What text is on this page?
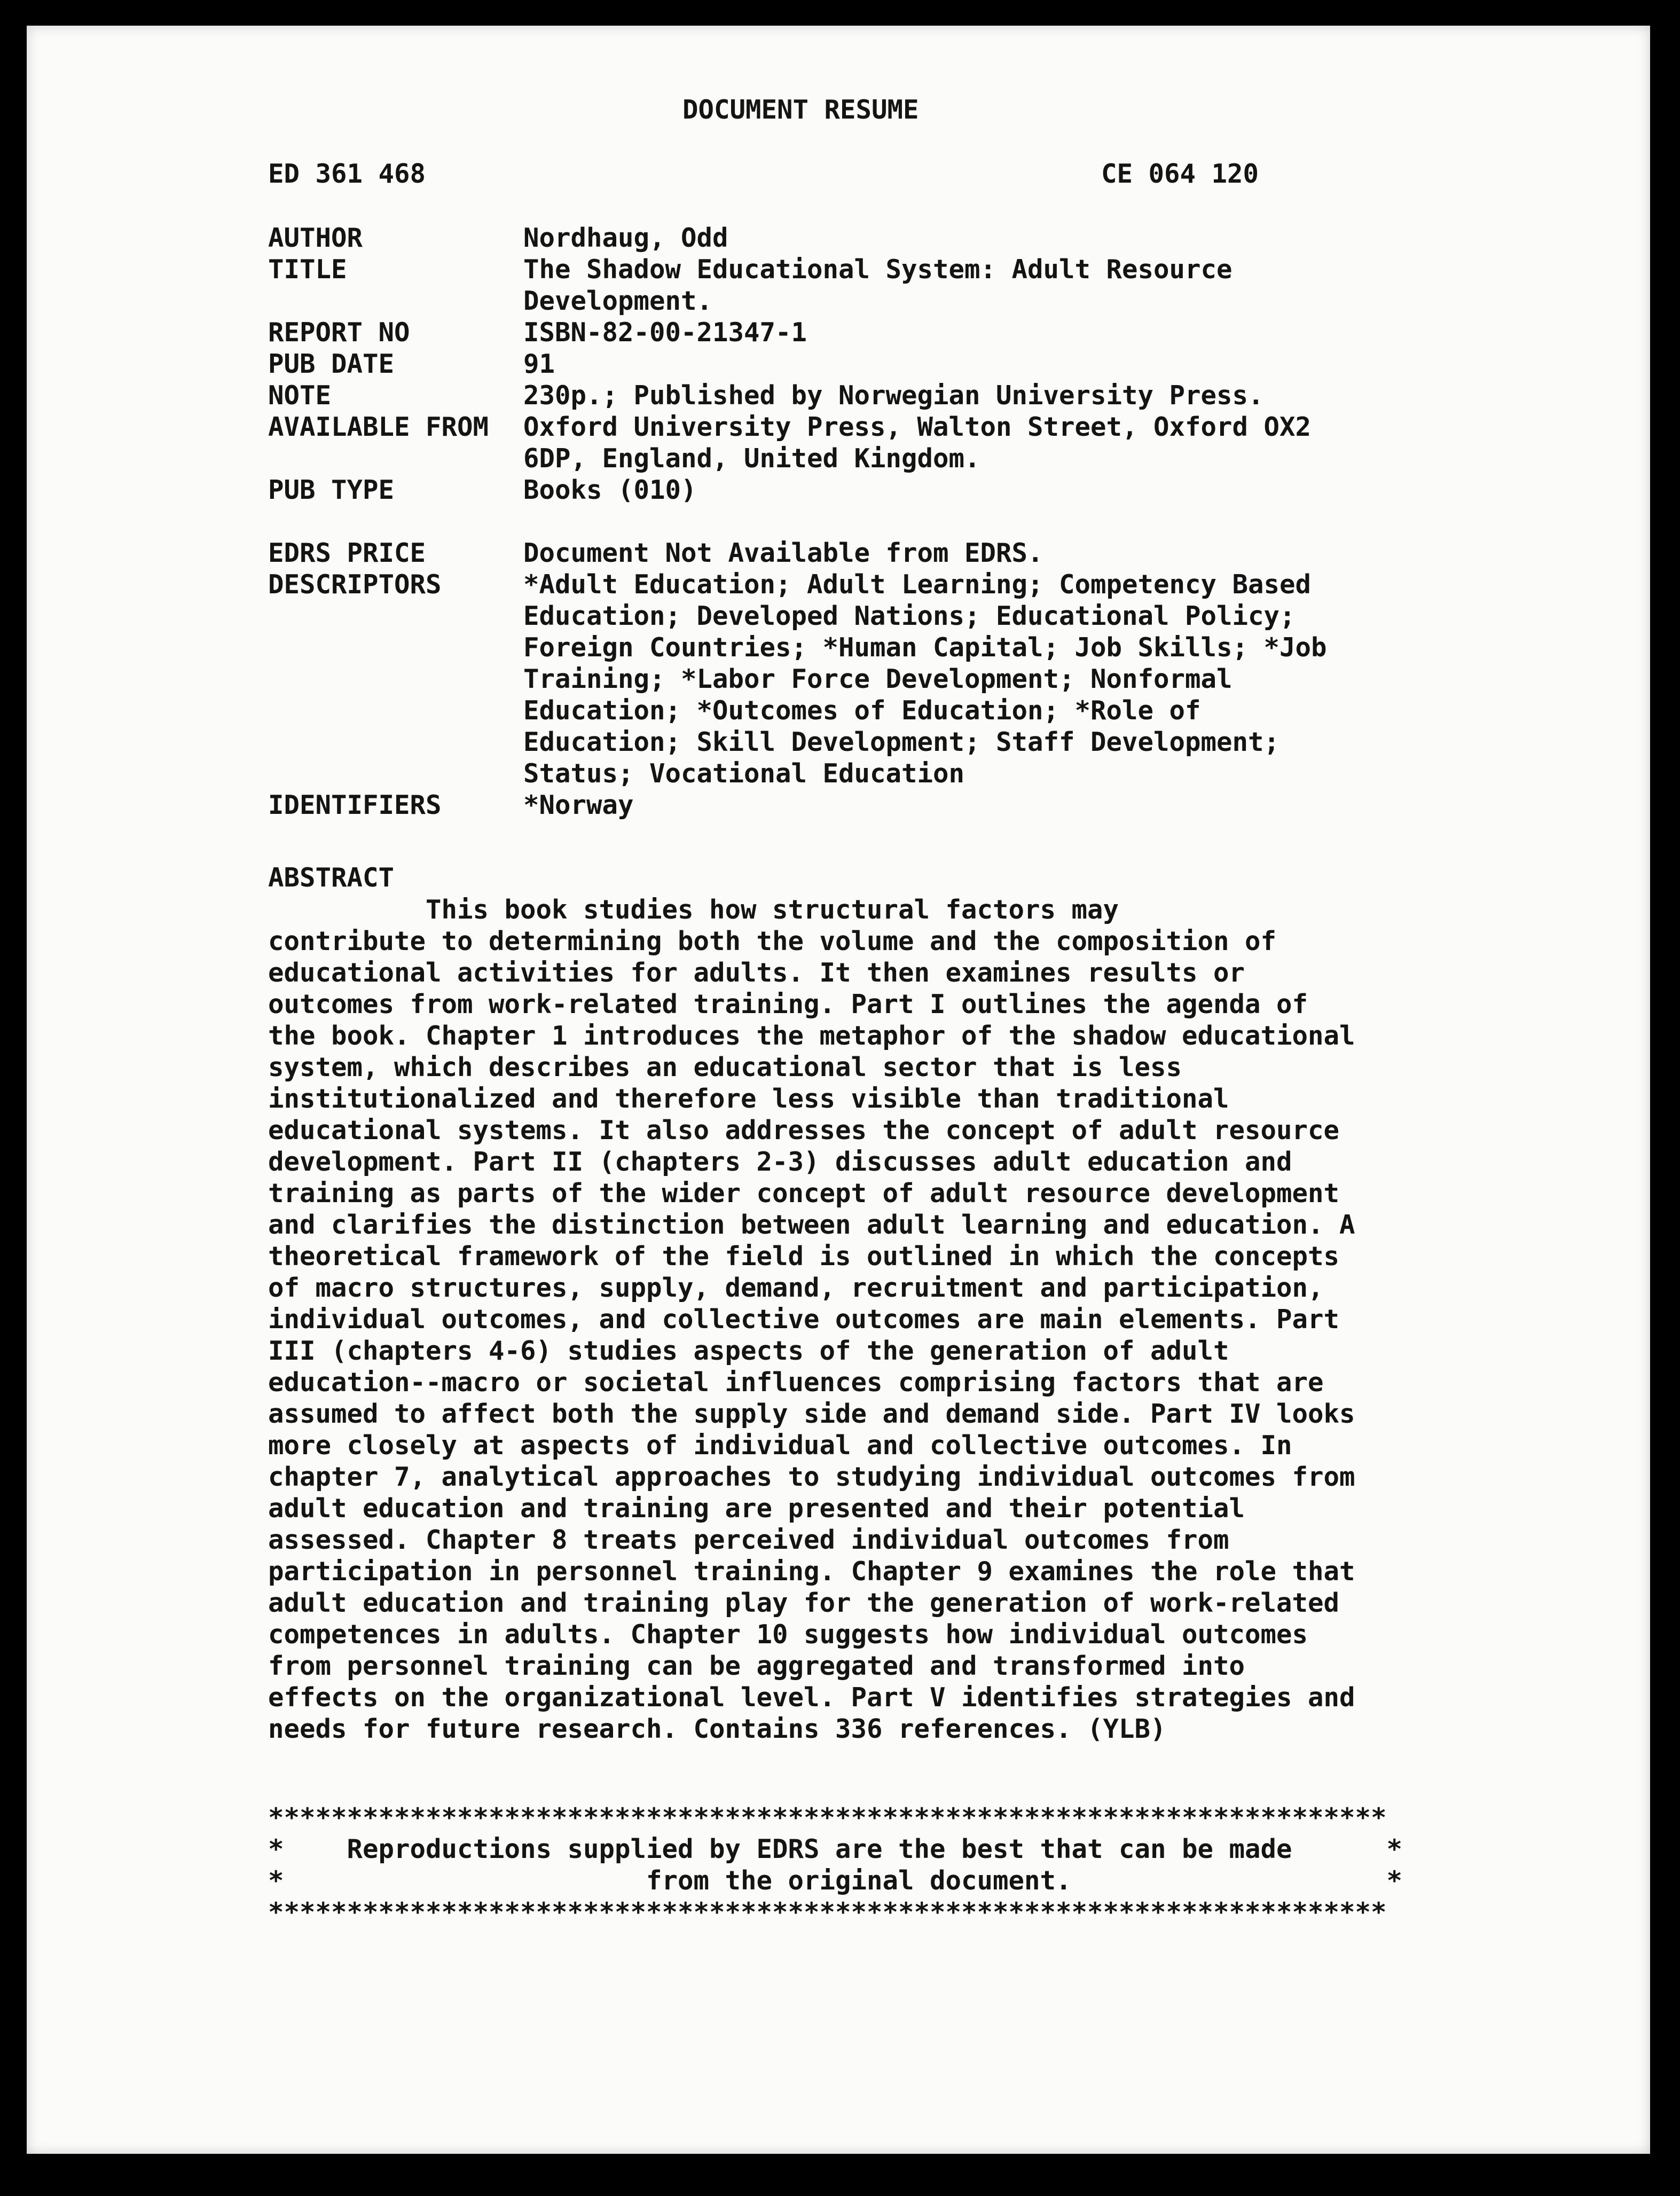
DOCUMENT RESUME
ED 361 468	CE 064 120
AUTHOR	Nordhaug, Odd
TITLE	The Shadow Educational System: Adult Resource
Development.
REPORT NO	ISBN-82-00-21347-1
PUB DATE	91
NOTE	230p.; Published by Norwegian University Press.
AVAILABLE FROM Oxford University Press, Walton Street, Oxford OX2
6DP, England, United Kingdom.
PUB TYPE	Books (010)
EDRS PRICE	Document Not Available from EDRS.
DESCRIPTORS	*Adult Education; Adult Learning; Competency Based
Education; Developed Nations; Educational Policy;
Foreign Countries; *Human Capital; Job Skills; *Job
Training; *Labor Force Development; Nonformal
Education; *Outcomes of Education; *Role of
Education; Skill Development; Staff Development;
Status; Vocational Education
IDENTIFIERS	*Norway
ABSTRACT
This book studies how structural factors may
contribute to determining both the volume and the composition of
educational activities for adults. It then examines results or
outcomes from work-related training. Part I outlines the agenda of
the book. Chapter 1 introduces the metaphor of the shadow educational
system, which describes an educational sector that is less
institutionalized and therefore less visible than traditional
educational systems. It also addresses the concept of adult resource
development. Part II (chapters 2-3) discusses adult education and
training as parts of the wider concept of adult resource development
and clarifies the distinction between adult learning and education. A
theoretical framework of the field is outlined in which the concepts
of macro structures, supply, demand, recruitment and participation,
individual outcomes, and collective outcomes are main elements. Part
III (chapters 4-6) studies aspects of the generation of adult
education--macro or societal influences comprising factors that are
assumed to affect both the supply side and demand side. Part IV looks
more closely at aspects of individual and collective outcomes. In
chapter 7, analytical approaches to studying individual outcomes from
adult education and training are presented and their potential
assessed. Chapter 8 treats perceived individual outcomes from
participation in personnel training. Chapter 9 examines the role that
adult education and training play for the generation of work-related
competences in adults. Chapter 10 suggests how individual outcomes
from personnel training can be aggregated and transformed into
effects on the organizational level. Part V identifies strategies and
needs for future research. Contains 336 references. (YLB)
***********************************************************************
*    Reproductions supplied by EDRS are the best that can be made      *
*                       from the original document.                    *
***********************************************************************
